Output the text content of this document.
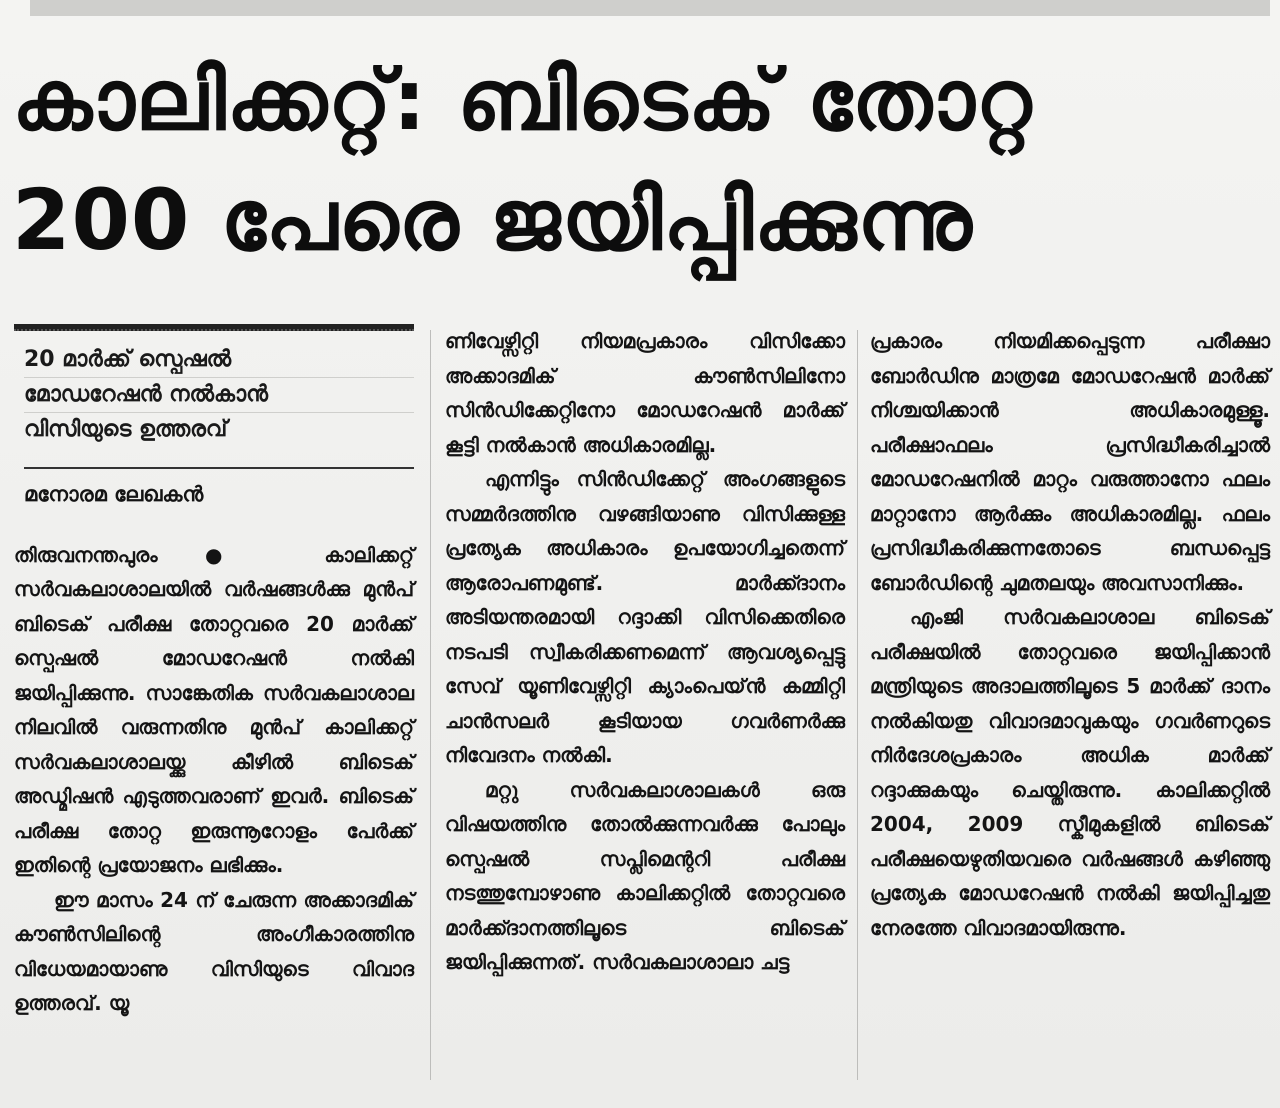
കാലിക്കറ്റ്: ബിടെക് തോറ്റ
200 പേരെ ജയിപ്പിക്കുന്നു
20 മാർക്ക് സ്പെഷൽ
മോഡറേഷൻ നൽകാൻ
വിസിയുടെ ഉത്തരവ്
മനോരമ ലേഖകൻ

തിരുവനന്തപുരം● കാലിക്കറ്റ് സർവകലാശാലയിൽ വർഷങ്ങൾക്കു മുൻപ് ബിടെക് പരീക്ഷ തോറ്റവരെ 20 മാർക്ക് സ്പെഷൽ മോഡറേഷൻ നൽകി ജയിപ്പിക്കുന്നു. സാങ്കേതിക സർവകലാശാല നിലവിൽ വരുന്നതിനു മുൻപ് കാലിക്കറ്റ് സർവകലാശാലയ്ക്കു കീഴിൽ ബിടെക് അഡ്മിഷൻ എടുത്തവരാണ് ഇവർ. ബിടെക് പരീക്ഷ തോറ്റ ഇരുന്നൂറോളം പേർക്ക് ഇതിന്റെ പ്രയോജനം ലഭിക്കും.

ഈ മാസം 24 ന് ചേരുന്ന അക്കാദമിക് കൗൺസിലിന്റെ അംഗീകാരത്തിനു വിധേയമായാണു വിസിയുടെ വിവാദ ഉത്തരവ്. യൂ

ണിവേഴ്സിറ്റി നിയമപ്രകാരം വിസിക്കോ അക്കാദമിക് കൗൺസിലിനോ സിൻഡിക്കേറ്റിനോ മോഡറേഷൻ മാർക്ക് കൂട്ടി നൽകാൻ അധികാരമില്ല.

എന്നിട്ടും സിൻഡിക്കേറ്റ് അംഗങ്ങളുടെ സമ്മർദത്തിനു വഴങ്ങിയാണു വിസിക്കുള്ള പ്രത്യേക അധികാരം ഉപയോഗിച്ചതെന്ന് ആരോപണമുണ്ട്. മാർക്ക്ദാനം അടിയന്തരമായി റദ്ദാക്കി വിസിക്കെതിരെ നടപടി സ്വീകരിക്കണമെന്ന് ആവശ്യപ്പെട്ടു സേവ് യൂണിവേഴ്സിറ്റി ക്യാംപെയ്ൻ കമ്മിറ്റി ചാൻസലർ കൂടിയായ ഗവർണർക്കു നിവേദനം നൽകി.

മറ്റു സർവകലാശാലകൾ ഒരു വിഷയത്തിനു തോൽക്കുന്നവർക്കു പോലും സ്പെഷൽ സപ്ലിമെന്ററി പരീക്ഷ നടത്തുമ്പോഴാണു കാലിക്കറ്റിൽ തോറ്റവരെ മാർക്ക്ദാനത്തിലൂടെ ബിടെക് ജയിപ്പിക്കുന്നത്. സർവകലാശാലാ ചട്ട

പ്രകാരം നിയമിക്കപ്പെടുന്ന പരീക്ഷാ ബോർഡിനു മാത്രമേ മോഡറേഷൻ മാർക്ക് നിശ്ചയിക്കാൻ അധികാരമുള്ളൂ. പരീക്ഷാഫലം പ്രസിദ്ധീകരിച്ചാൽ മോഡറേഷനിൽ മാറ്റം വരുത്താനോ ഫലം മാറ്റാനോ ആർക്കും അധികാരമില്ല. ഫലം പ്രസിദ്ധീകരിക്കുന്നതോടെ ബന്ധപ്പെട്ട ബോർഡിന്റെ ചുമതലയും അവസാനിക്കും.

എംജി സർവകലാശാല ബിടെക് പരീക്ഷയിൽ തോറ്റവരെ ജയിപ്പിക്കാൻ മന്ത്രിയുടെ അദാലത്തിലൂടെ 5 മാർക്ക് ദാനം നൽകിയതു വിവാദമാവുകയും ഗവർണറുടെ നിർദേശപ്രകാരം അധിക മാർക്ക് റദ്ദാക്കുകയും ചെയ്തിരുന്നു. കാലിക്കറ്റിൽ 2004, 2009 സ്കീമുകളിൽ ബിടെക് പരീക്ഷയെഴുതിയവരെ വർഷങ്ങൾ കഴിഞ്ഞു പ്രത്യേക മോഡറേഷൻ നൽകി ജയിപ്പിച്ചതു നേരത്തേ വിവാദമായിരുന്നു.
